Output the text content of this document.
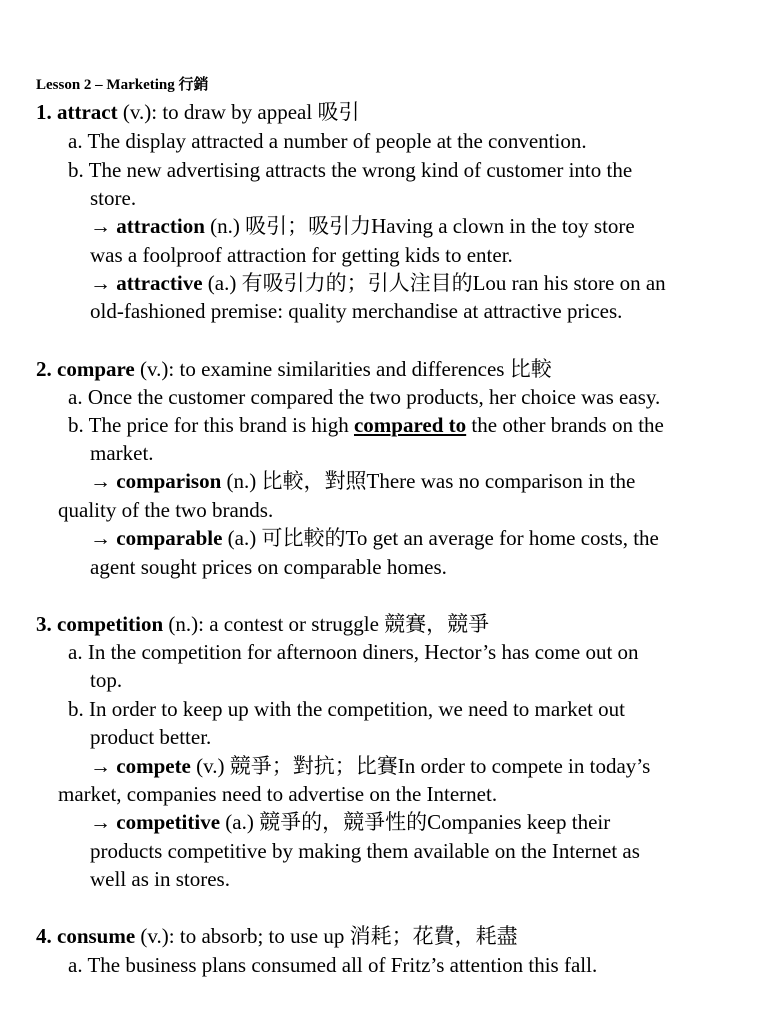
Lesson 2 – Marketing 行銷
1. attract (v.): to draw by appeal 吸引
a. The display attracted a number of people at the convention.
b. The new advertising attracts the wrong kind of customer into the
store.
→ attraction (n.) 吸引；吸引力Having a clown in the toy store
was a foolproof attraction for getting kids to enter.
→ attractive (a.) 有吸引力的；引人注目的Lou ran his store on an
old-fashioned premise: quality merchandise at attractive prices.
2. compare (v.): to examine similarities and differences 比較
a. Once the customer compared the two products, her choice was easy.
b. The price for this brand is high compared to the other brands on the
market.
→ comparison (n.) 比較，對照There was no comparison in the
quality of the two brands.
→ comparable (a.) 可比較的To get an average for home costs, the
agent sought prices on comparable homes.
3. competition (n.): a contest or struggle 競賽，競爭
a. In the competition for afternoon diners, Hector’s has come out on
top.
b. In order to keep up with the competition, we need to market out
product better.
→ compete (v.) 競爭；對抗；比賽In order to compete in today’s
market, companies need to advertise on the Internet.
→ competitive (a.) 競爭的，競爭性的Companies keep their
products competitive by making them available on the Internet as
well as in stores.
4. consume (v.): to absorb; to use up 消耗；花費，耗盡
a. The business plans consumed all of Fritz’s attention this fall.
